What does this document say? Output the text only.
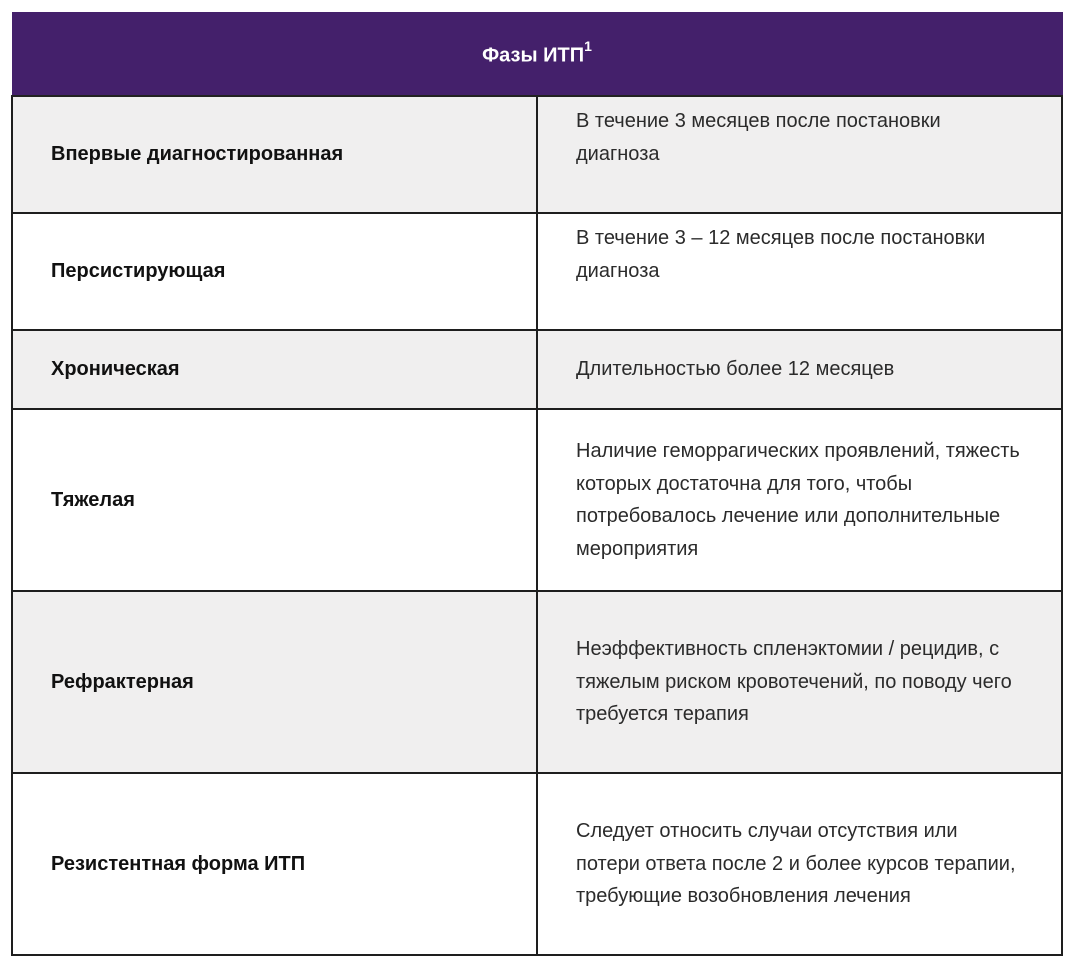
Фазы ИТП$^1$
Впервые диагностированная	В течение 3 месяцев после постановки диагноза

Персистирующая	В течение 3 – 12 месяцев после постановки диагноза

Хроническая	Длительностью более 12 месяцев

Тяжелая	Наличие геморрагических проявлений, тяжесть которых достаточна для того, чтобы потребовалось лечение или дополнительные мероприятия

Рефрактерная	Неэффективность спленэктомии / рецидив, с тяжелым риском кровотечений, по поводу чего требуется терапия

Резистентная форма ИТП	Следует относить случаи отсутствия или потери ответа после 2 и более курсов терапии, требующие возобновления лечения
